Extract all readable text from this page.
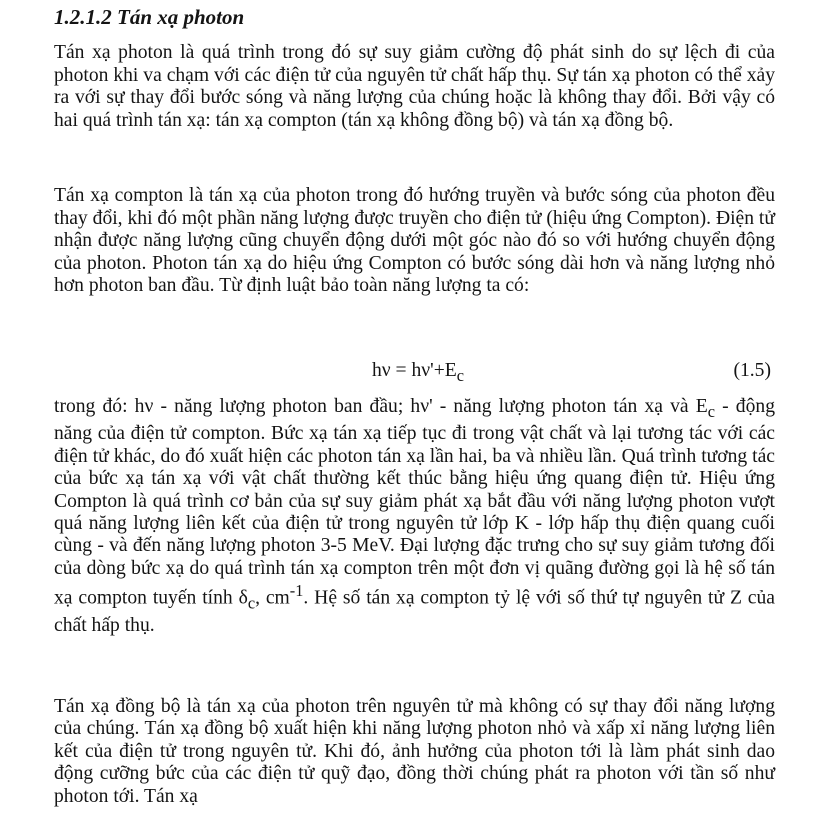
1.2.1.2 Tán xạ photon

Tán xạ photon là quá trình trong đó sự suy giảm cường độ phát sinh do sự lệch đi của photon khi va chạm với các điện tử của nguyên tử chất hấp thụ. Sự tán xạ photon có thể xảy ra với sự thay đổi bước sóng và năng lượng của chúng hoặc là không thay đổi. Bởi vậy có hai quá trình tán xạ: tán xạ compton (tán xạ không đồng bộ) và tán xạ đồng bộ.

Tán xạ compton là tán xạ của photon trong đó hướng truyền và bước sóng của photon đều thay đổi, khi đó một phần năng lượng được truyền cho điện tử (hiệu ứng Compton). Điện tử nhận được năng lượng cũng chuyển động dưới một góc nào đó so với hướng chuyển động của photon. Photon tán xạ do hiệu ứng Compton có bước sóng dài hơn và năng lượng nhỏ hơn photon ban đầu. Từ định luật bảo toàn năng lượng ta có:

$h\nu = h\nu'+E_c$	(1.5)

trong đó: hν - năng lượng photon ban đầu; hν' - năng lượng photon tán xạ và $E_c$ - động năng của điện tử compton. Bức xạ tán xạ tiếp tục đi trong vật chất và lại tương tác với các điện tử khác, do đó xuất hiện các photon tán xạ lần hai, ba và nhiều lần. Quá trình tương tác của bức xạ tán xạ với vật chất thường kết thúc bằng hiệu ứng quang điện tử. Hiệu ứng Compton là quá trình cơ bản của sự suy giảm phát xạ bắt đầu với năng lượng photon vượt quá năng lượng liên kết của điện tử trong nguyên tử lớp K - lớp hấp thụ điện quang cuối cùng - và đến năng lượng photon 3-5 MeV. Đại lượng đặc trưng cho sự suy giảm tương đối của dòng bức xạ do quá trình tán xạ compton trên một đơn vị quãng đường gọi là hệ số tán xạ compton tuyến tính $\delta_c$, $cm^{-1}$. Hệ số tán xạ compton tỷ lệ với số thứ tự nguyên tử Z của chất hấp thụ.

Tán xạ đồng bộ là tán xạ của photon trên nguyên tử mà không có sự thay đổi năng lượng của chúng. Tán xạ đồng bộ xuất hiện khi năng lượng photon nhỏ và xấp xỉ năng lượng liên kết của điện tử trong nguyên tử. Khi đó, ảnh hưởng của photon tới là làm phát sinh dao động cưỡng bức của các điện tử quỹ đạo, đồng thời chúng phát ra photon với tần số như photon tới. Tán xạ
